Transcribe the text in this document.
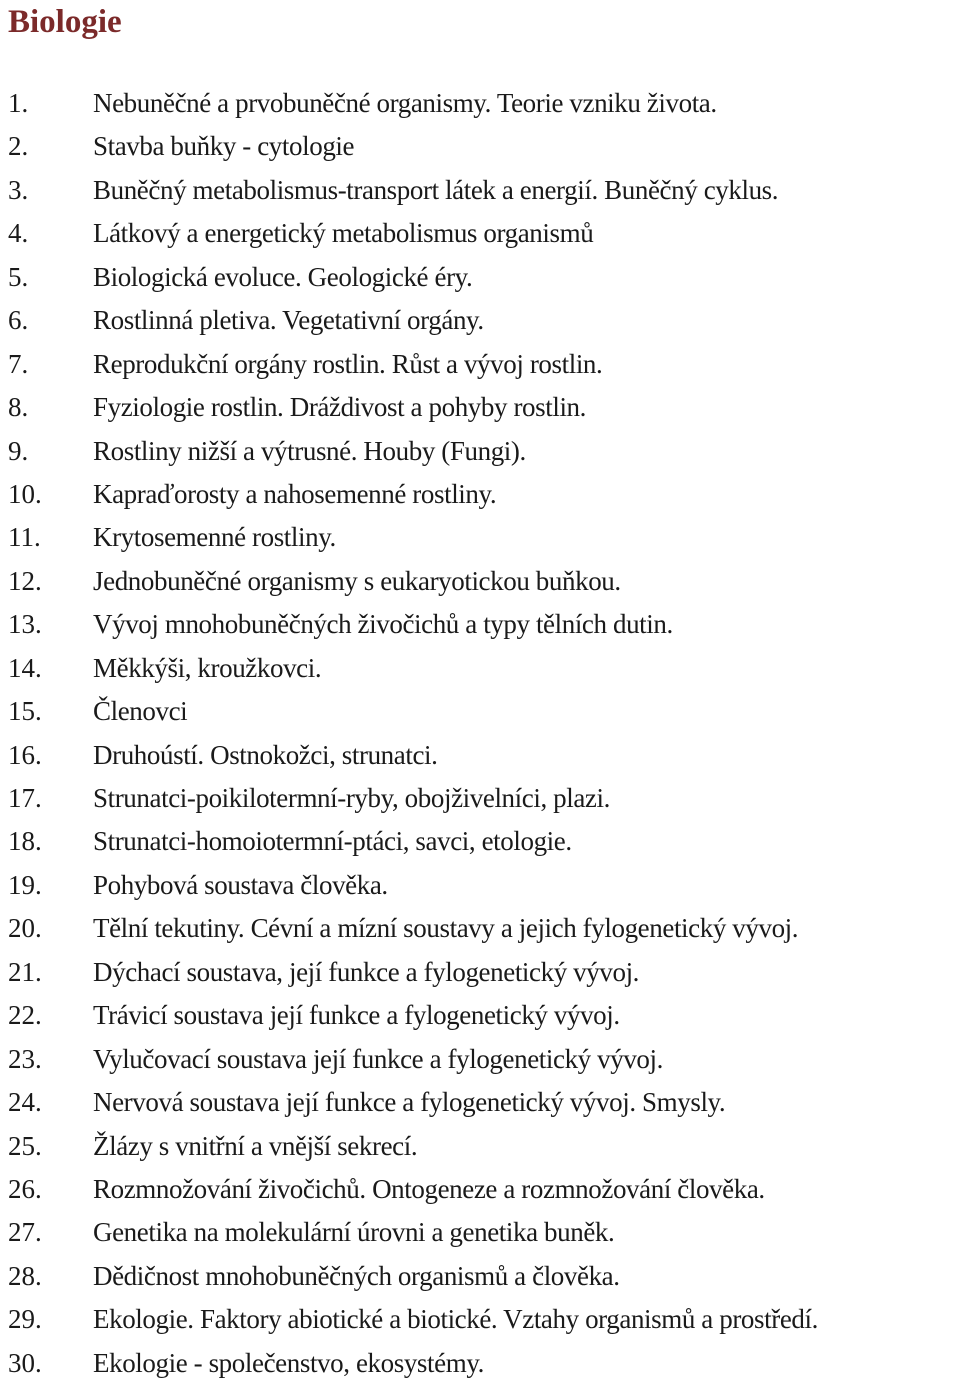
Biologie
1. Nebuněčné a prvobuněčné organismy. Teorie vzniku života.
2. Stavba buňky - cytologie
3. Buněčný metabolismus-transport látek a energií. Buněčný cyklus.
4. Látkový a energetický metabolismus organismů
5. Biologická evoluce. Geologické éry.
6. Rostlinná pletiva. Vegetativní orgány.
7. Reprodukční orgány rostlin. Růst a vývoj rostlin.
8. Fyziologie rostlin. Dráždivost a pohyby rostlin.
9. Rostliny nižší a výtrusné. Houby (Fungi).
10. Kapraďorosty a nahosemenné rostliny.
11. Krytosemenné rostliny.
12. Jednobuněčné organismy s eukaryotickou buňkou.
13. Vývoj mnohobuněčných živočichů a typy tělních dutin.
14. Měkkýši, kroužkovci.
15. Členovci
16. Druhoústí. Ostnokožci, strunatci.
17. Strunatci-poikilotermní-ryby, obojživelníci, plazi.
18. Strunatci-homoiotermní-ptáci, savci, etologie.
19. Pohybová soustava člověka.
20. Tělní tekutiny. Cévní a mízní soustavy a jejich fylogenetický vývoj.
21. Dýchací soustava, její funkce a fylogenetický vývoj.
22. Trávicí soustava její funkce a fylogenetický vývoj.
23. Vylučovací soustava její funkce a fylogenetický vývoj.
24. Nervová soustava její funkce a fylogenetický vývoj. Smysly.
25. Žlázy s vnitřní a vnější sekrecí.
26. Rozmnožování živočichů. Ontogeneze a rozmnožování člověka.
27. Genetika na molekulární úrovni a genetika buněk.
28. Dědičnost mnohobuněčných organismů a člověka.
29. Ekologie. Faktory abiotické a biotické. Vztahy organismů a prostředí.
30. Ekologie - společenstvo, ekosystémy.
